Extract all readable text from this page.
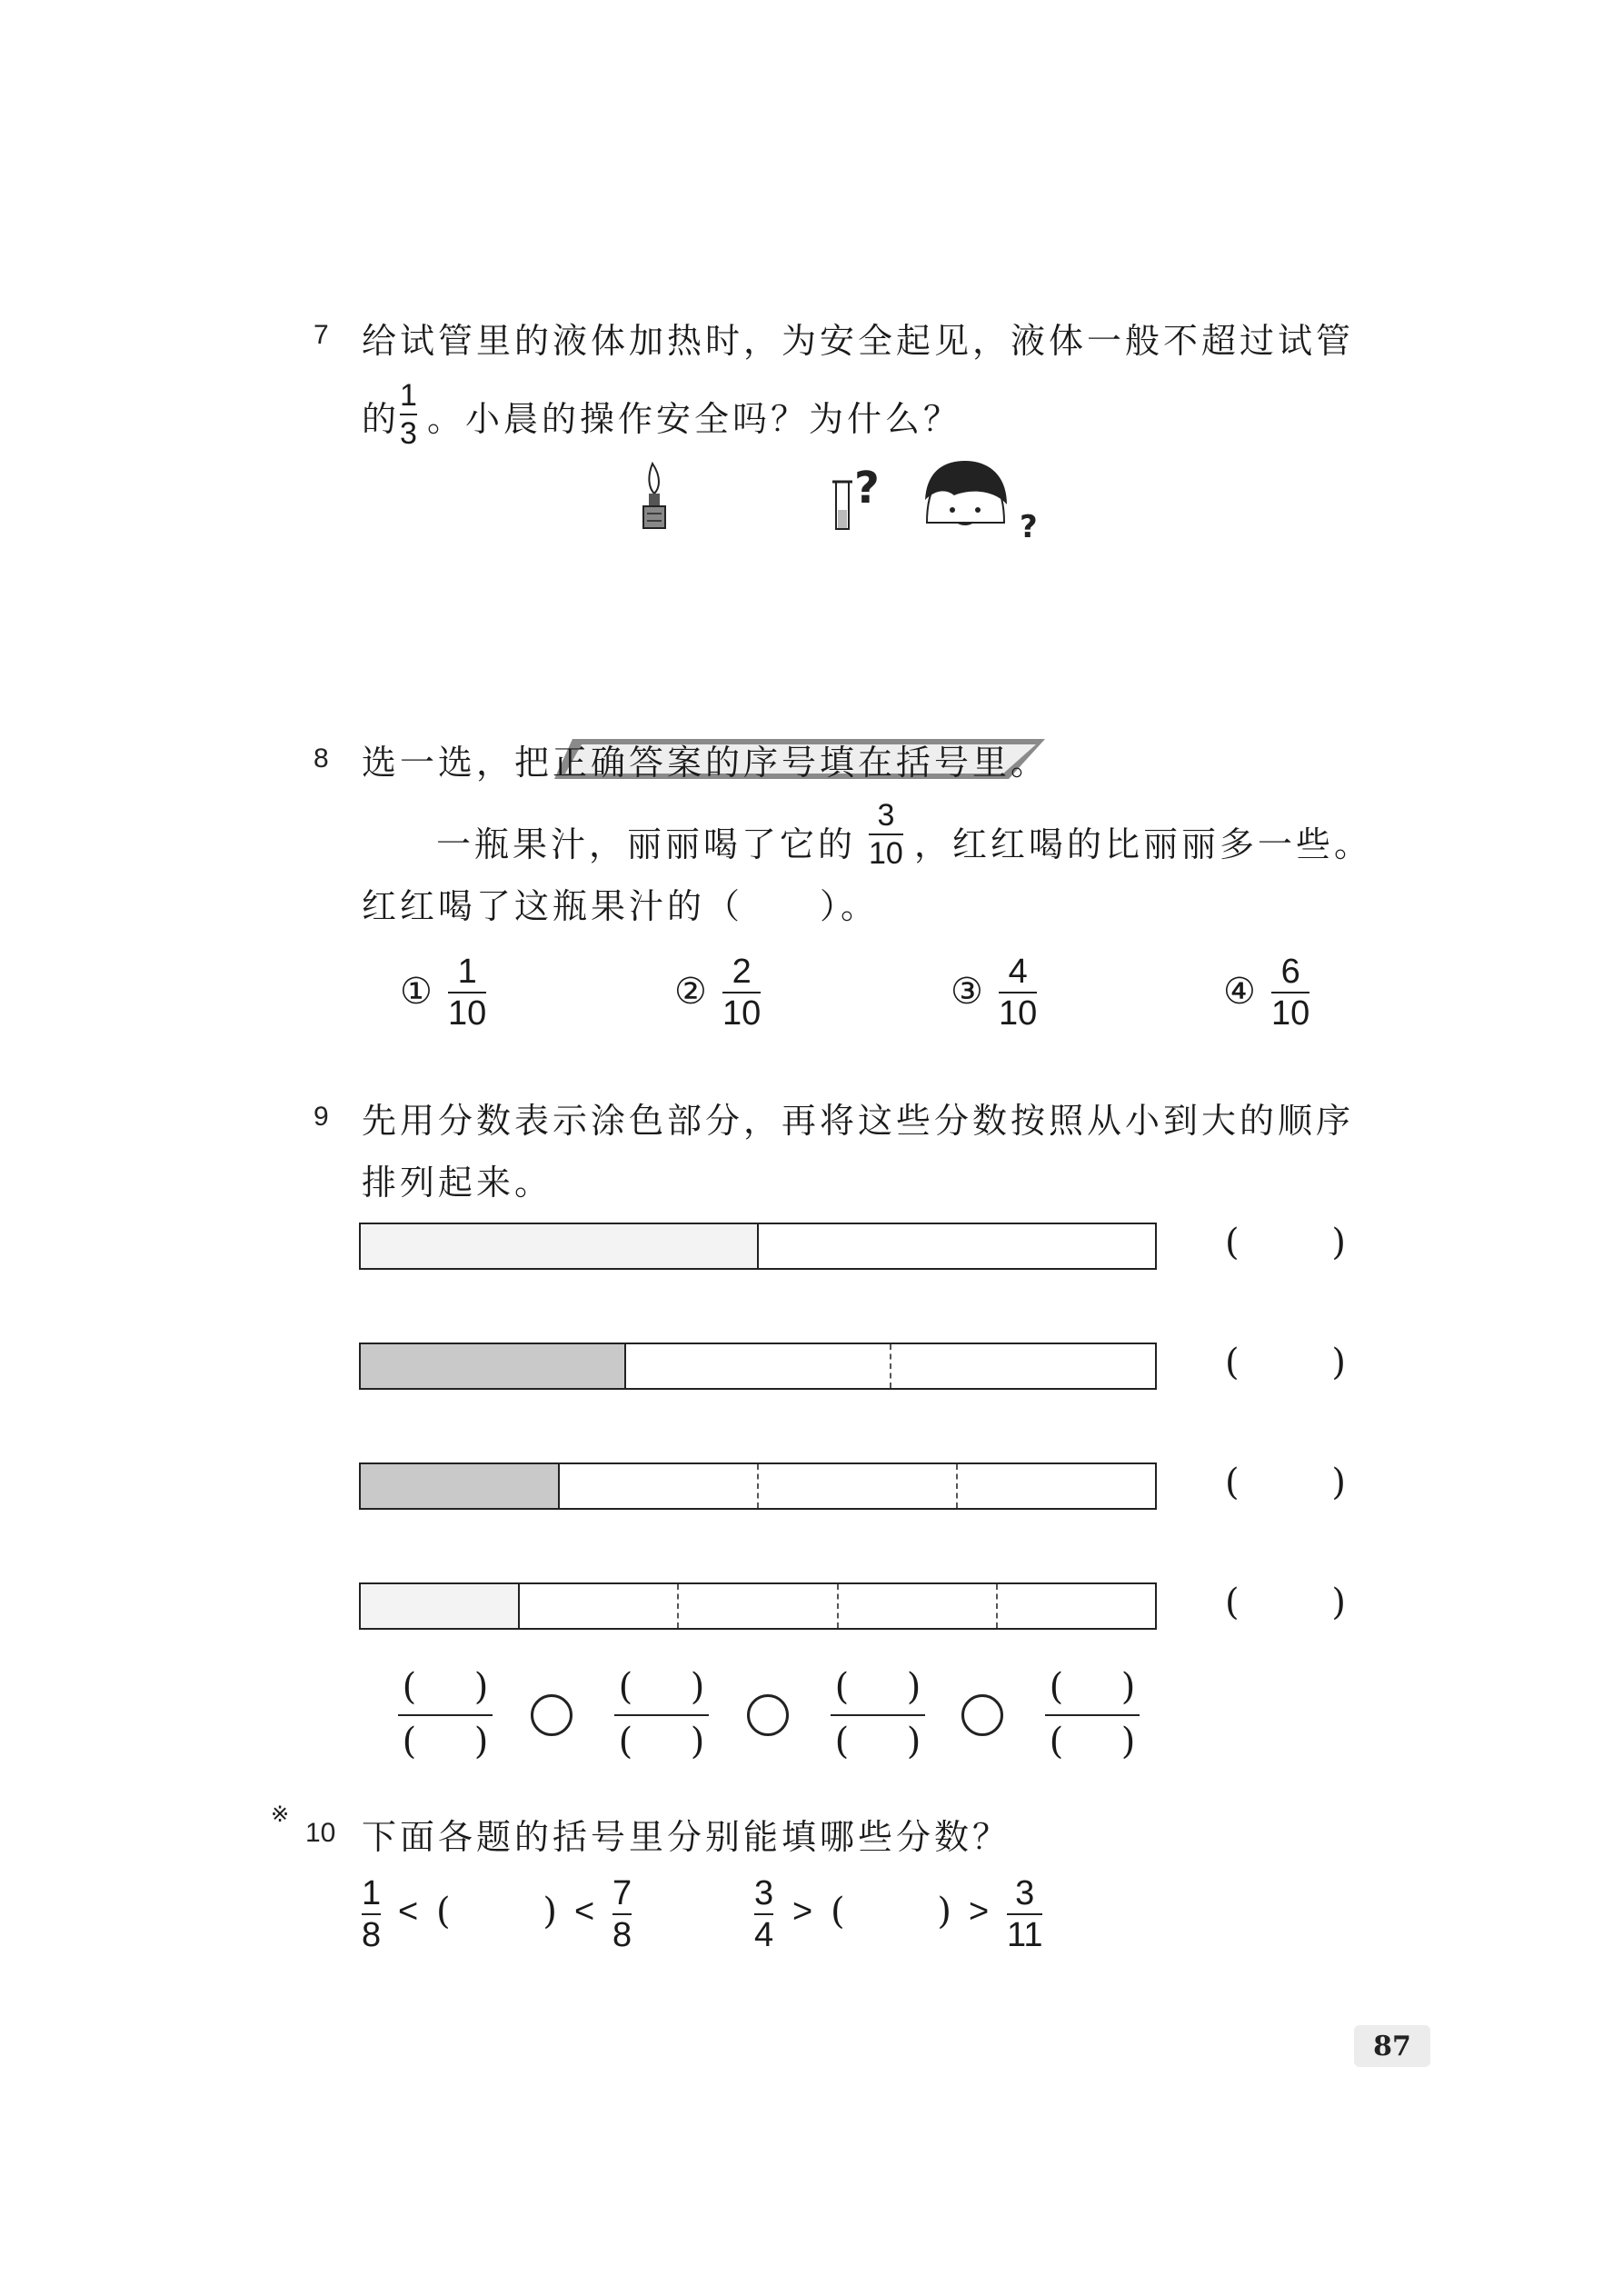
7 给试管里的液体加热时，为安全起见，液体一般不超过试管
的
1
3 。小晨的操作安全吗？为什么？
?
?
8 选一选，把正确答案的序号填在括号里。
一瓶果汁，丽丽喝了它的
3
10 ，红红喝的比丽丽多一些。
红红喝了这瓶果汁的（　　）。
① 1
10
② 2
10
③ 4
10
④ 6
10
9 先用分数表示涂色部分，再将这些分数按照从小到大的顺序
排列起来。
(        )
(        )
(        )
(        )
(     )
(     )
(     )
(     )
(     )
(     )
(     )
(     )
※
10 下面各题的括号里分别能填哪些分数？
1
8
< (        ) < 7
8
3
4
> (        ) > 3
11
87
